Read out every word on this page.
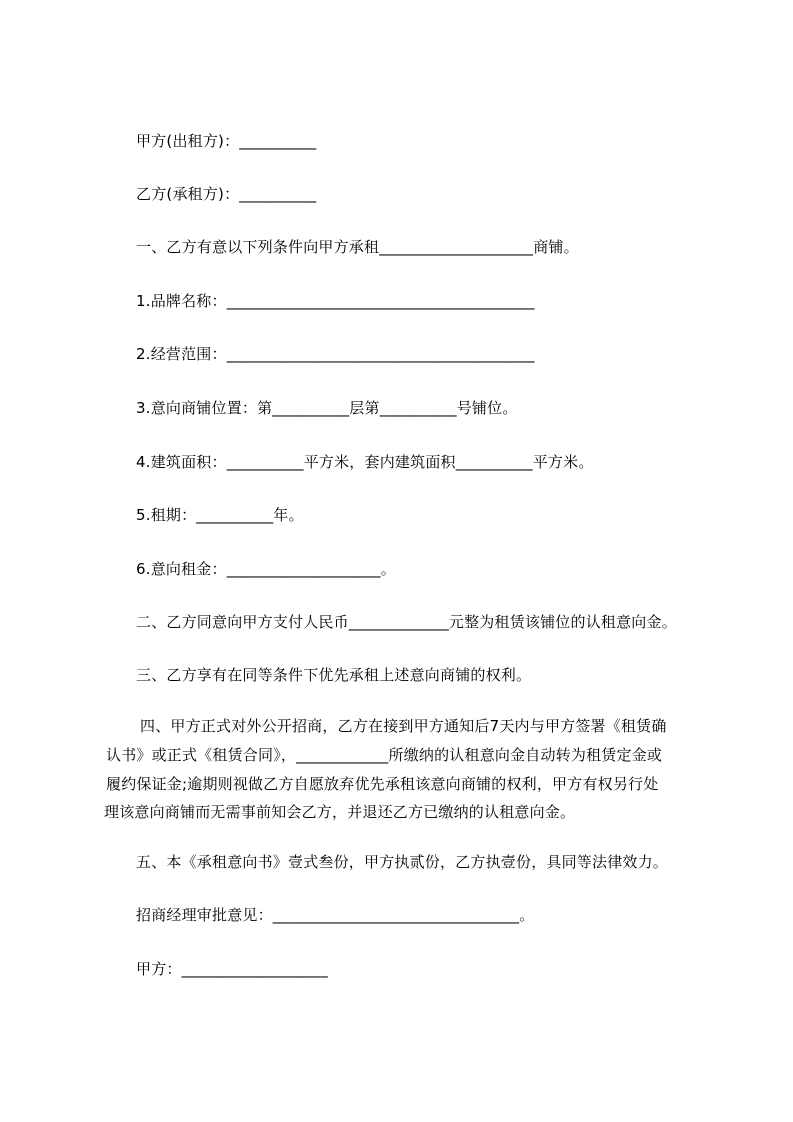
甲方(出租方)：__________
乙方(承租方)：__________
一、乙方有意以下列条件向甲方承租____________________商铺。
1.品牌名称：________________________________________
2.经营范围：________________________________________
3.意向商铺位置：第__________层第__________号铺位。
4.建筑面积：__________平方米，套内建筑面积__________平方米。
5.租期：__________年。
6.意向租金：____________________。
二、乙方同意向甲方支付人民币_____________元整为租赁该铺位的认租意向金。
三、乙方享有在同等条件下优先承租上述意向商铺的权利。
四、甲方正式对外公开招商，乙方在接到甲方通知后7天内与甲方签署《租赁确
认书》或正式《租赁合同》，____________所缴纳的认租意向金自动转为租赁定金或
履约保证金;逾期则视做乙方自愿放弃优先承租该意向商铺的权利，甲方有权另行处
理该意向商铺而无需事前知会乙方，并退还乙方已缴纳的认租意向金。
五、本《承租意向书》壹式叁份，甲方执贰份，乙方执壹份，具同等法律效力。
招商经理审批意见：________________________________。
甲方：___________________
